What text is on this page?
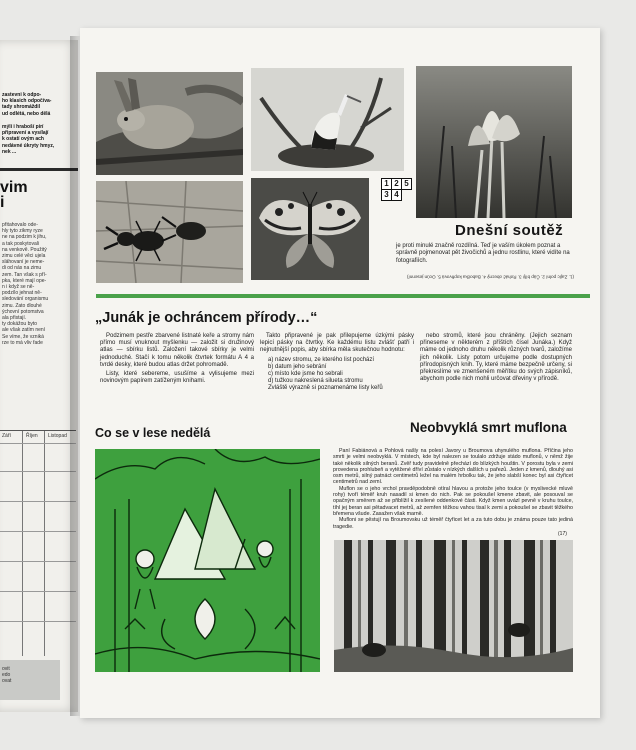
zastevni k odpo-
ho klasich odpočíva-
tady shromáždil
ud odlétá, nebo dělá
mýlí i hraboší pírí
připravení a vysílají
k ostatí ovým ach
nedávné úkryty hmyz,
nek ...
vim
i
přitahovalo ode-
hly tyto zikmy ryze
ne na podzim k jihu,
a tak poskytovali
na venkově. Použitý
zimu celé věci ujela
sláhovaní je neme-
di od nás na zimu
zem. Tan však s pří-
pka, které mají ope-
n i když se ně-
podzílo jehnat ně-
sledování organismu
zimu. Zato dlouhé
ýchovní potomstva
ala přistají.
ty dokážou byto
ale však zatím není
Se víme, že vzniká
rze to má vliv řade
Září	Říjen Listopad
ovit
edo
ovat
1 2 5
3 4
Dnešní soutěž
je proti minulé značně rozdílná. Teď je vaším úkolem poznat a správně pojmenovat pět živočichů a jednu rostlinu, které vidíte na fotografiích.
(1. Zajíc polní 2. Čáp bílý 3. Roháč obecný 4. Babočka kopřivová 5. Ocún jesenní)
„Junák je ochráncem přírody…“

Podzimem pestře zbarvené listnaté keře a stromy nám přímo musí vnuknout myšlenku — založit si družinový atlas — sbírku listů. Založení takové sbírky je velmi jednoduché. Stačí k tomu několik čtvrtek formátu A 4 a tvrdé desky, které budou atlas držet pohromadě.

Listy, které sebereme, usušíme a vylisujeme mezi novinovým papírem zatíženým knihami.

Takto připravené je pak přilepujeme úzkými pásky lepicí pásky na čtvrtky. Ke každému listu zvlášť patří i nejnutnější popis, aby sbírka měla skutečnou hodnotu:

a) název stromu, ze kterého list pochází

b) datum jeho sebrání

c) místo kde jsme ho sebrali

d) tužkou nakreslená silueta stromu

Zvláště výrazně si poznamenáme listy keřů

nebo stromů, které jsou chráněny. (Jejich seznam přineseme v některém z příštích čísel Junáka.) Když máme od jednoho druhu několik různých tvarů, založíme jich několik. Listy potom určujeme podle dostupných přírodopisných knih. Ty, které máme bezpečně určeny, si překreslíme ve zmenšeném měřítku do svých zápisníků, abychom podle nich mohli určovat dřeviny v přírodě.

Co se v lese nedělá	Neobvyklá smrt muflona

Paní Fabiánová a Pohlová našly na polesí Javory u Broumova uhynulého muflona. Příčina jeho smrti je velmi neobvyklá. V místech, kde byl nalezen se toulalo zdržuje stádo muflonů, v němž žije také několik silných beranů. Zvěř tudy pravidelně přechází do blízkých houštin. V porostu byla v zemi provedena prohlubeň a vytěžené dříví zůstalo v nízkých dalších u pařezů. Jeden z kmenů, dlouhý asi osm metrů, silný patnáct centimetrů ležel na malém hrbolku tak, že jeho slabší konec byl asi čtyřicet centimetrů nad zemí.

Muflon se o jeho vrchol pravděpodobně otíral hlavou a protože jeho toulce (v myslivecké mluvě rohy) tvoří téměř kruh nasadil si kmen do nich. Pak se pokoušel kmene zbavit, ale posouval se opačným směrem až se přiblížil k zesílené oddenkové části. Když kmen uvázl pevně v kruhu toulce, tíhl jej beran asi pětadvacet metrů, až zemřen těžkou vahou tisal k zemi a pokoušel se zbavit těžkého břemena všude. Zasažen však marně.

Mufloni se pěstují na Broumovsku už téměř čtyřicet let a za tuto dobu je známa pouze tato jediná tragedie.

(17)
